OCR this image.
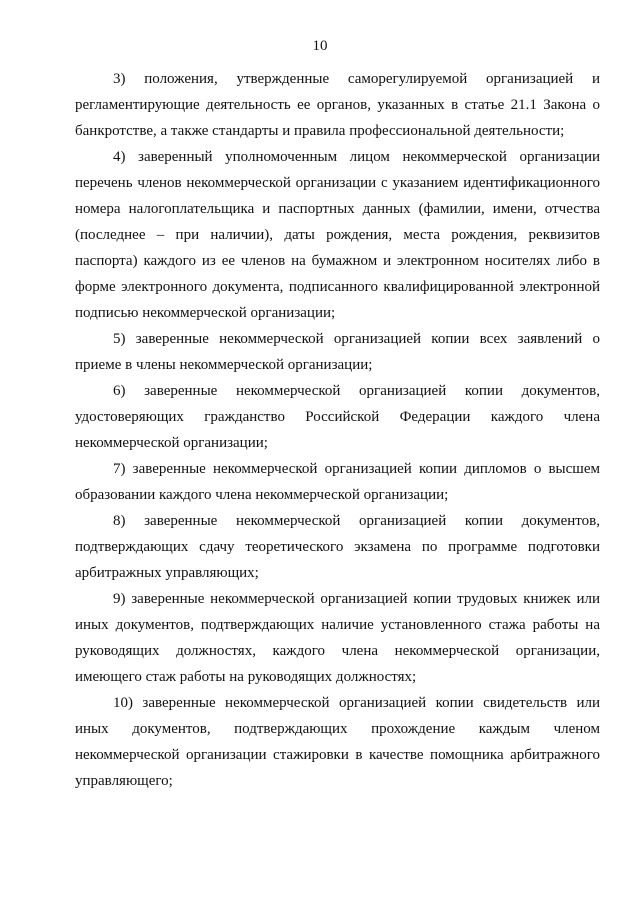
10

3) положения, утвержденные саморегулируемой организацией и регламентирующие деятельность ее органов, указанных в статье 21.1 Закона о банкротстве, а также стандарты и правила профессиональной деятельности;

4) заверенный уполномоченным лицом некоммерческой организации перечень членов некоммерческой организации с указанием идентификационного номера налогоплательщика и паспортных данных (фамилии, имени, отчества (последнее – при наличии), даты рождения, места рождения, реквизитов паспорта) каждого из ее членов на бумажном и электронном носителях либо в форме электронного документа, подписанного квалифицированной электронной подписью некоммерческой организации;

5) заверенные некоммерческой организацией копии всех заявлений о приеме в члены некоммерческой организации;

6) заверенные некоммерческой организацией копии документов, удостоверяющих гражданство Российской Федерации каждого члена некоммерческой организации;

7) заверенные некоммерческой организацией копии дипломов о высшем образовании каждого члена некоммерческой организации;

8) заверенные некоммерческой организацией копии документов, подтверждающих сдачу теоретического экзамена по программе подготовки арбитражных управляющих;

9) заверенные некоммерческой организацией копии трудовых книжек или иных документов, подтверждающих наличие установленного стажа работы на руководящих должностях, каждого члена некоммерческой организации, имеющего стаж работы на руководящих должностях;

10) заверенные некоммерческой организацией копии свидетельств или иных документов, подтверждающих прохождение каждым членом некоммерческой организации стажировки в качестве помощника арбитражного управляющего;
